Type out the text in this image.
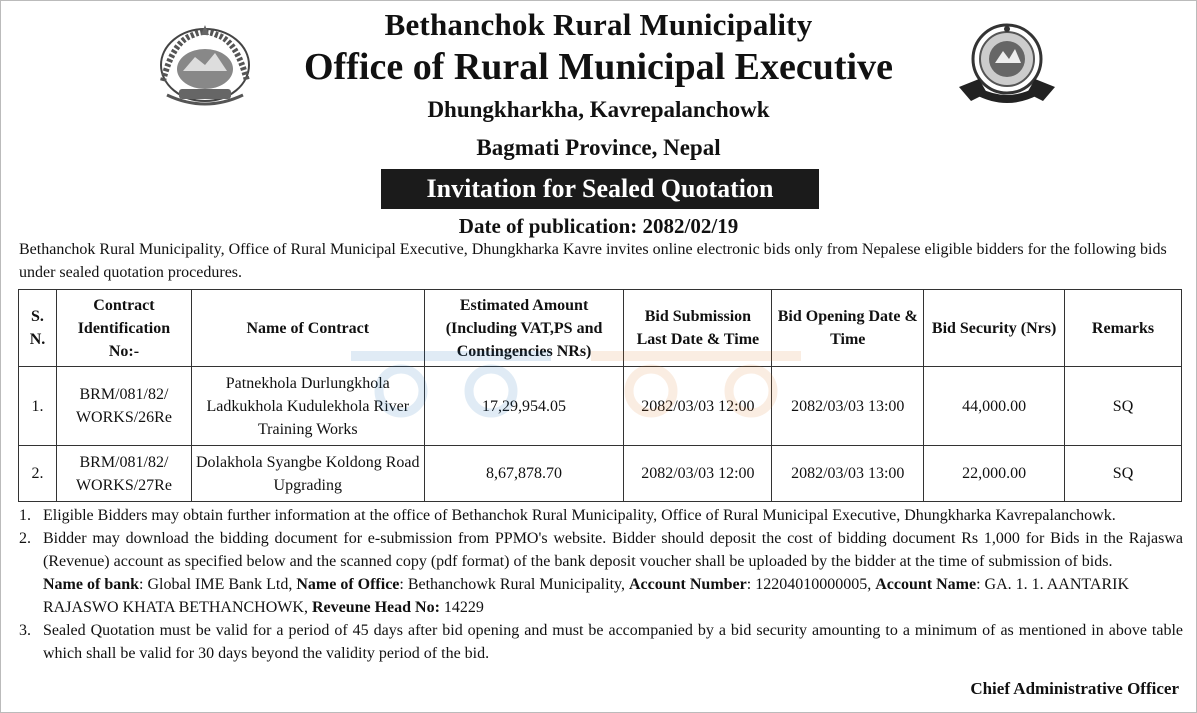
Bethanchok Rural Municipality
Office of Rural Municipal Executive
Dhungkharkha, Kavrepalanchowk
Bagmati Province, Nepal
Invitation for Sealed Quotation
Date of publication: 2082/02/19
Bethanchok Rural Municipality, Office of Rural Municipal Executive, Dhungkharka Kavre invites online electronic bids only from Nepalese eligible bidders for the following bids under sealed quotation procedures.
S. N.	Contract Identification No:-	Name of Contract	Estimated Amount (Including VAT,PS and Contingencies NRs)	Bid Submission Last Date & Time	Bid Opening Date & Time	Bid Security (Nrs)	Remarks
1.	BRM/081/82/ WORKS/26Re	Patnekhola Durlungkhola Ladkukhola Kudulekhola River Training Works	17,29,954.05	2082/03/03 12:00	2082/03/03 13:00	44,000.00	SQ
2.	BRM/081/82/ WORKS/27Re	Dolakhola Syangbe Koldong Road Upgrading	8,67,878.70	2082/03/03 12:00	2082/03/03 13:00	22,000.00	SQ
1. Eligible Bidders may obtain further information at the office of Bethanchok Rural Municipality, Office of Rural Municipal Executive, Dhungkharka Kavrepalanchowk.
2. Bidder may download the bidding document for e-submission from PPMO's website. Bidder should deposit the cost of bidding document Rs 1,000 for Bids in the Rajaswa (Revenue) account as specified below and the scanned copy (pdf format) of the bank deposit voucher shall be uploaded by the bidder at the time of submission of bids.
Name of bank: Global IME Bank Ltd, Name of Office: Bethanchowk Rural Municipality, Account Number: 12204010000005, Account Name: GA. 1. 1. AANTARIK RAJASWO KHATA BETHANCHOWK, Reveune Head No: 14229
3. Sealed Quotation must be valid for a period of 45 days after bid opening and must be accompanied by a bid security amounting to a minimum of as mentioned in above table which shall be valid for 30 days beyond the validity period of the bid.
Chief Administrative Officer
